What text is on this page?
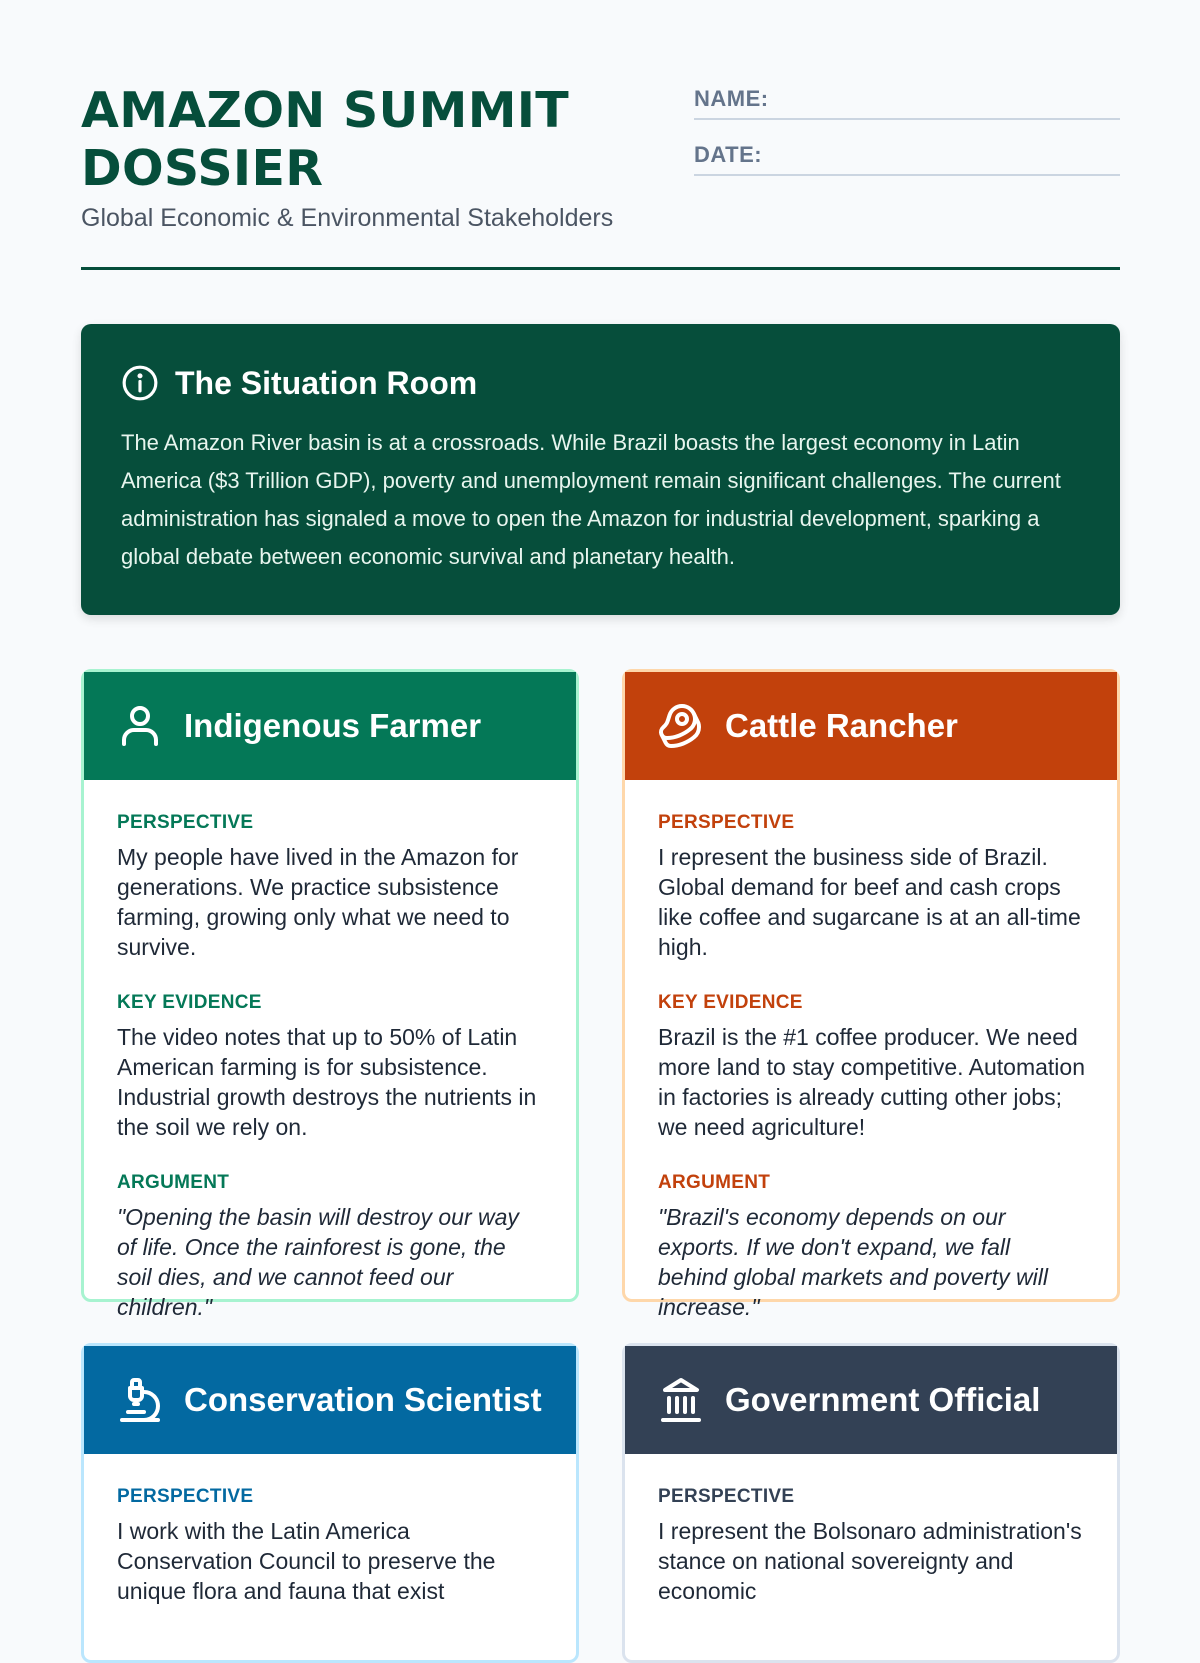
AMAZON SUMMIT DOSSIER
Global Economic & Environmental Stakeholders
NAME:
DATE:
The Situation Room

The Amazon River basin is at a crossroads. While Brazil boasts the largest economy in Latin America ($3 Trillion GDP), poverty and unemployment remain significant challenges. The current administration has signaled a move to open the Amazon for industrial development, sparking a global debate between economic survival and planetary health.

Indigenous Farmer
PERSPECTIVE

My people have lived in the Amazon for generations. We practice subsistence farming, growing only what we need to survive.

KEY EVIDENCE

The video notes that up to 50% of Latin American farming is for subsistence. Industrial growth destroys the nutrients in the soil we rely on.

ARGUMENT

"Opening the basin will destroy our way of life. Once the rainforest is gone, the soil dies, and we cannot feed our children."

Cattle Rancher
PERSPECTIVE

I represent the business side of Brazil. Global demand for beef and cash crops like coffee and sugarcane is at an all-time high.

KEY EVIDENCE

Brazil is the #1 coffee producer. We need more land to stay competitive. Automation in factories is already cutting other jobs; we need agriculture!

ARGUMENT

"Brazil's economy depends on our exports. If we don't expand, we fall behind global markets and poverty will increase."

Conservation Scientist
PERSPECTIVE

I work with the Latin America Conservation Council to preserve the unique flora and fauna that exist

Government Official
PERSPECTIVE

I represent the Bolsonaro administration's stance on national sovereignty and economic
